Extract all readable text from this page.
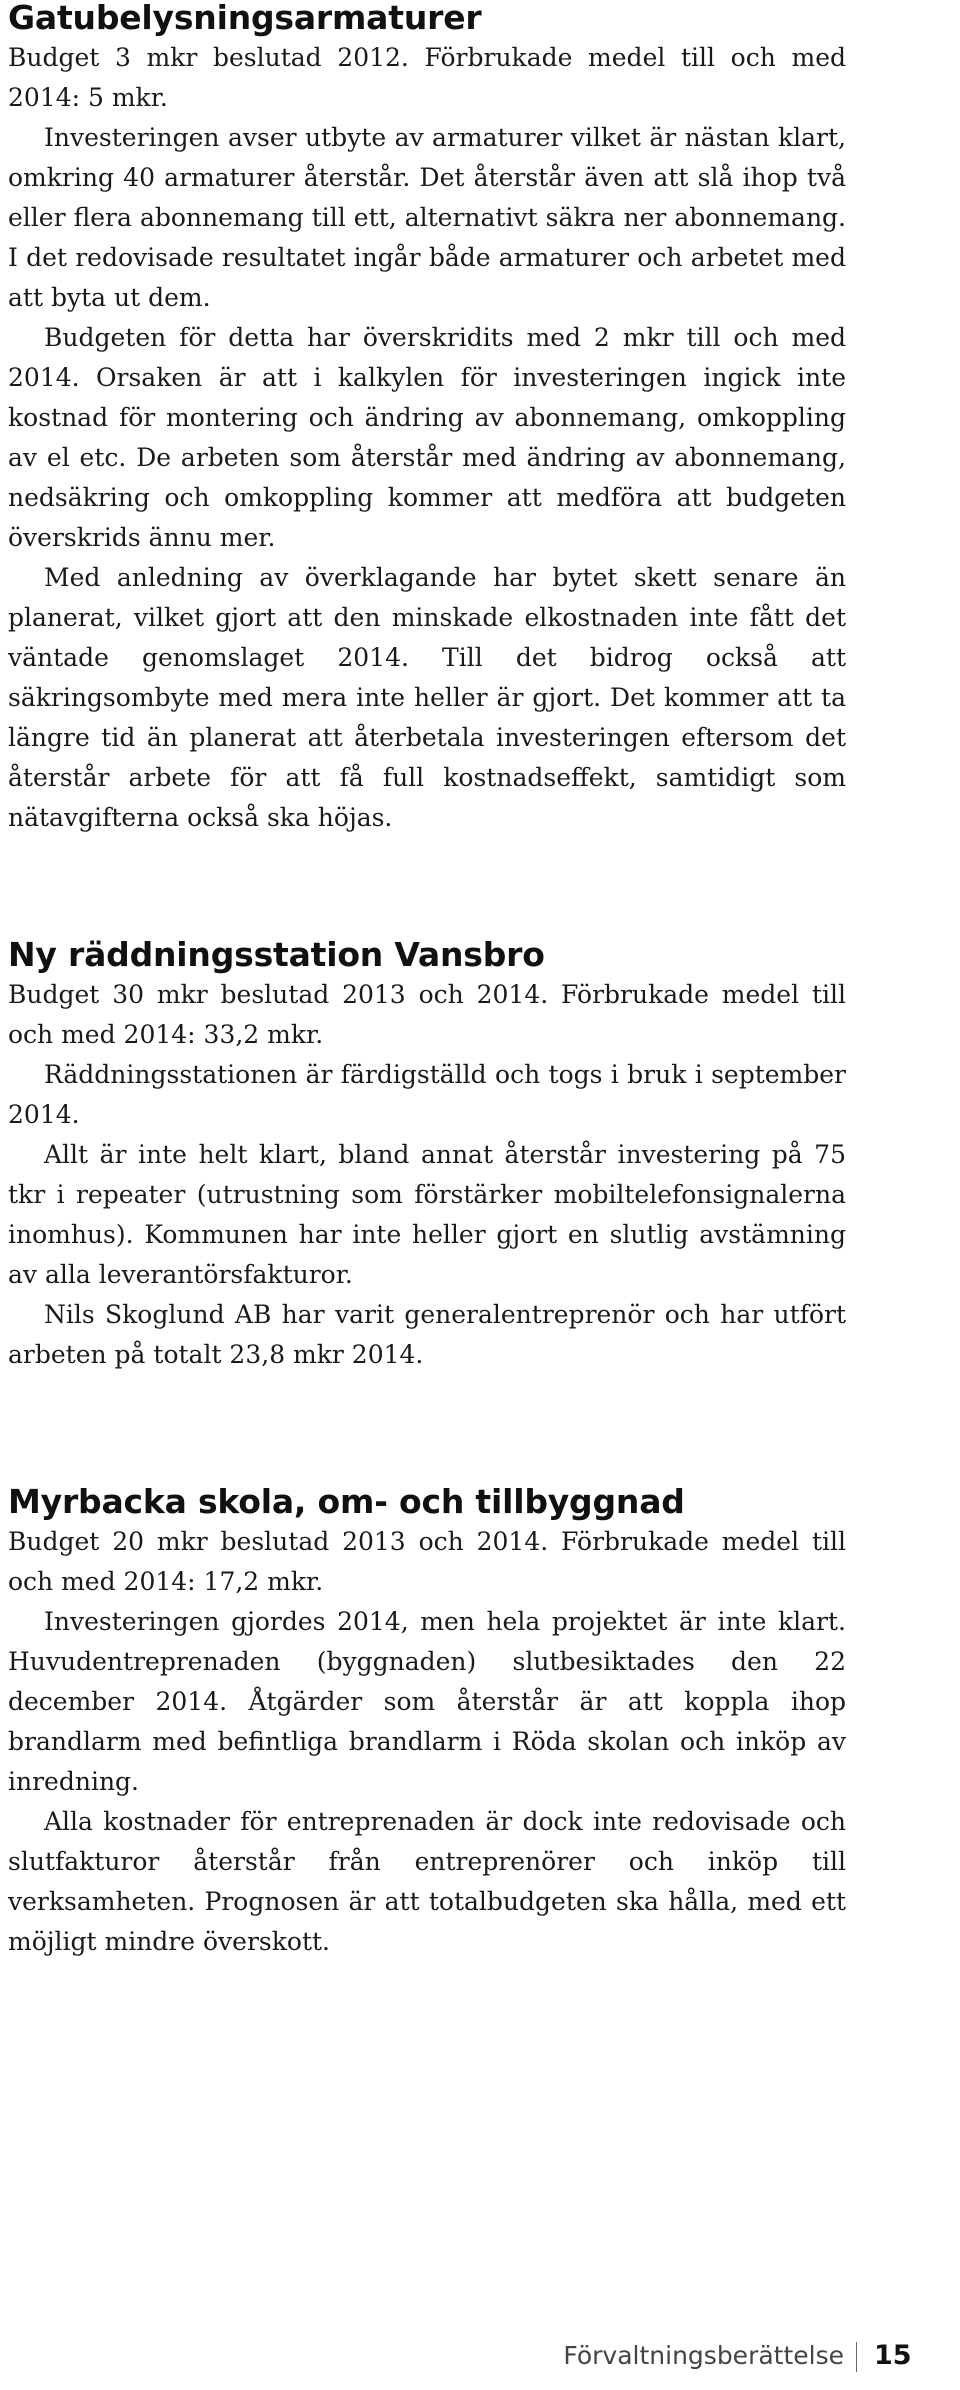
Gatubelysningsarmaturer

Budget 3 mkr beslutad 2012. Förbrukade medel till och med 2014: 5 mkr.

Investeringen avser utbyte av armaturer vilket är nästan klart, omkring 40 armaturer återstår. Det återstår även att slå ihop två eller flera abonnemang till ett, alternativt säkra ner abonnemang. I det redovisade resultatet ingår både armaturer och arbetet med att byta ut dem.

Budgeten för detta har överskridits med 2 mkr till och med 2014. Orsaken är att i kalkylen för investeringen ingick inte kostnad för montering och ändring av abonnemang, omkoppling av el etc. De arbeten som återstår med ändring av abonnemang, nedsäkring och omkoppling kommer att medföra att budgeten överskrids ännu mer.

Med anledning av överklagande har bytet skett senare än planerat, vilket gjort att den minskade elkostnaden inte fått det väntade genomslaget 2014. Till det bidrog också att säkringsombyte med mera inte heller är gjort. Det kommer att ta längre tid än planerat att återbetala investeringen eftersom det återstår arbete för att få full kostnadseffekt, samtidigt som nätavgifterna också ska höjas.

Ny räddningsstation Vansbro

Budget 30 mkr beslutad 2013 och 2014. Förbrukade medel till och med 2014: 33,2 mkr.

Räddningsstationen är färdigställd och togs i bruk i september 2014.

Allt är inte helt klart, bland annat återstår investering på 75 tkr i repeater (utrustning som förstärker mobiltelefonsignalerna inomhus). Kommunen har inte heller gjort en slutlig avstämning av alla leverantörsfakturor.

Nils Skoglund AB har varit generalentreprenör och har utfört arbeten på totalt 23,8 mkr 2014.

Myrbacka skola, om- och tillbyggnad

Budget 20 mkr beslutad 2013 och 2014. Förbrukade medel till och med 2014: 17,2 mkr.

Investeringen gjordes 2014, men hela projektet är inte klart. Huvudentreprenaden (byggnaden) slutbesiktades den 22 december 2014. Åtgärder som återstår är att koppla ihop brandlarm med befintliga brandlarm i Röda skolan och inköp av inredning.

Alla kostnader för entreprenaden är dock inte redovisade och slutfakturor återstår från entreprenörer och inköp till verksamheten. Prognosen är att totalbudgeten ska hålla, med ett möjligt mindre överskott.

Förvaltningsberättelse 15
